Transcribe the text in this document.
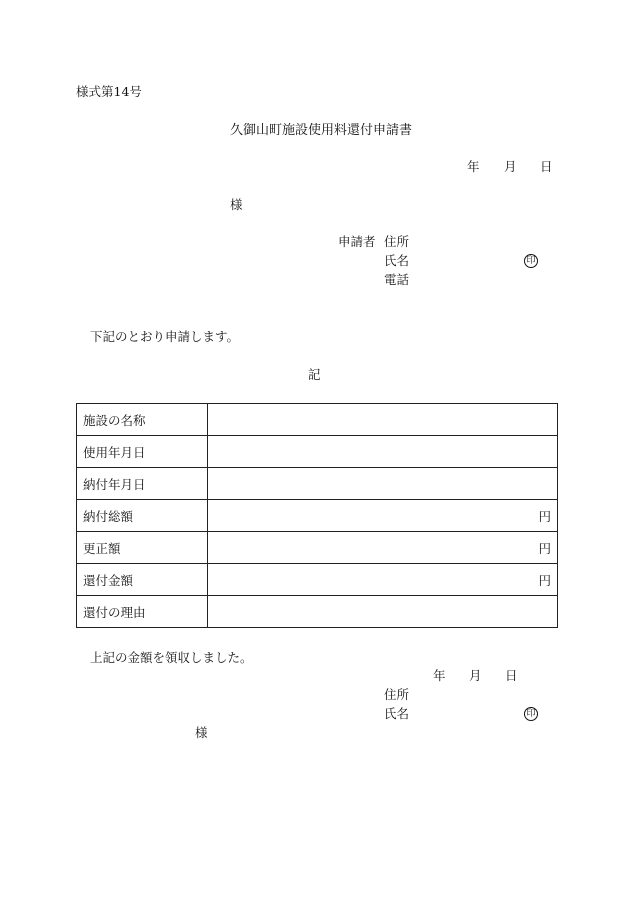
様式第14号
久御山町施設使用料還付申請書
年 月 日
様
申請者 住所
氏名	印
電話
下記のとおり申請します。
記
施設の名称	
使用年月日	
納付年月日	
納付総額	円
更正額	円
還付金額	円
還付の理由	
上記の金額を領収しました。
年 月 日
住所
氏名	印
様
